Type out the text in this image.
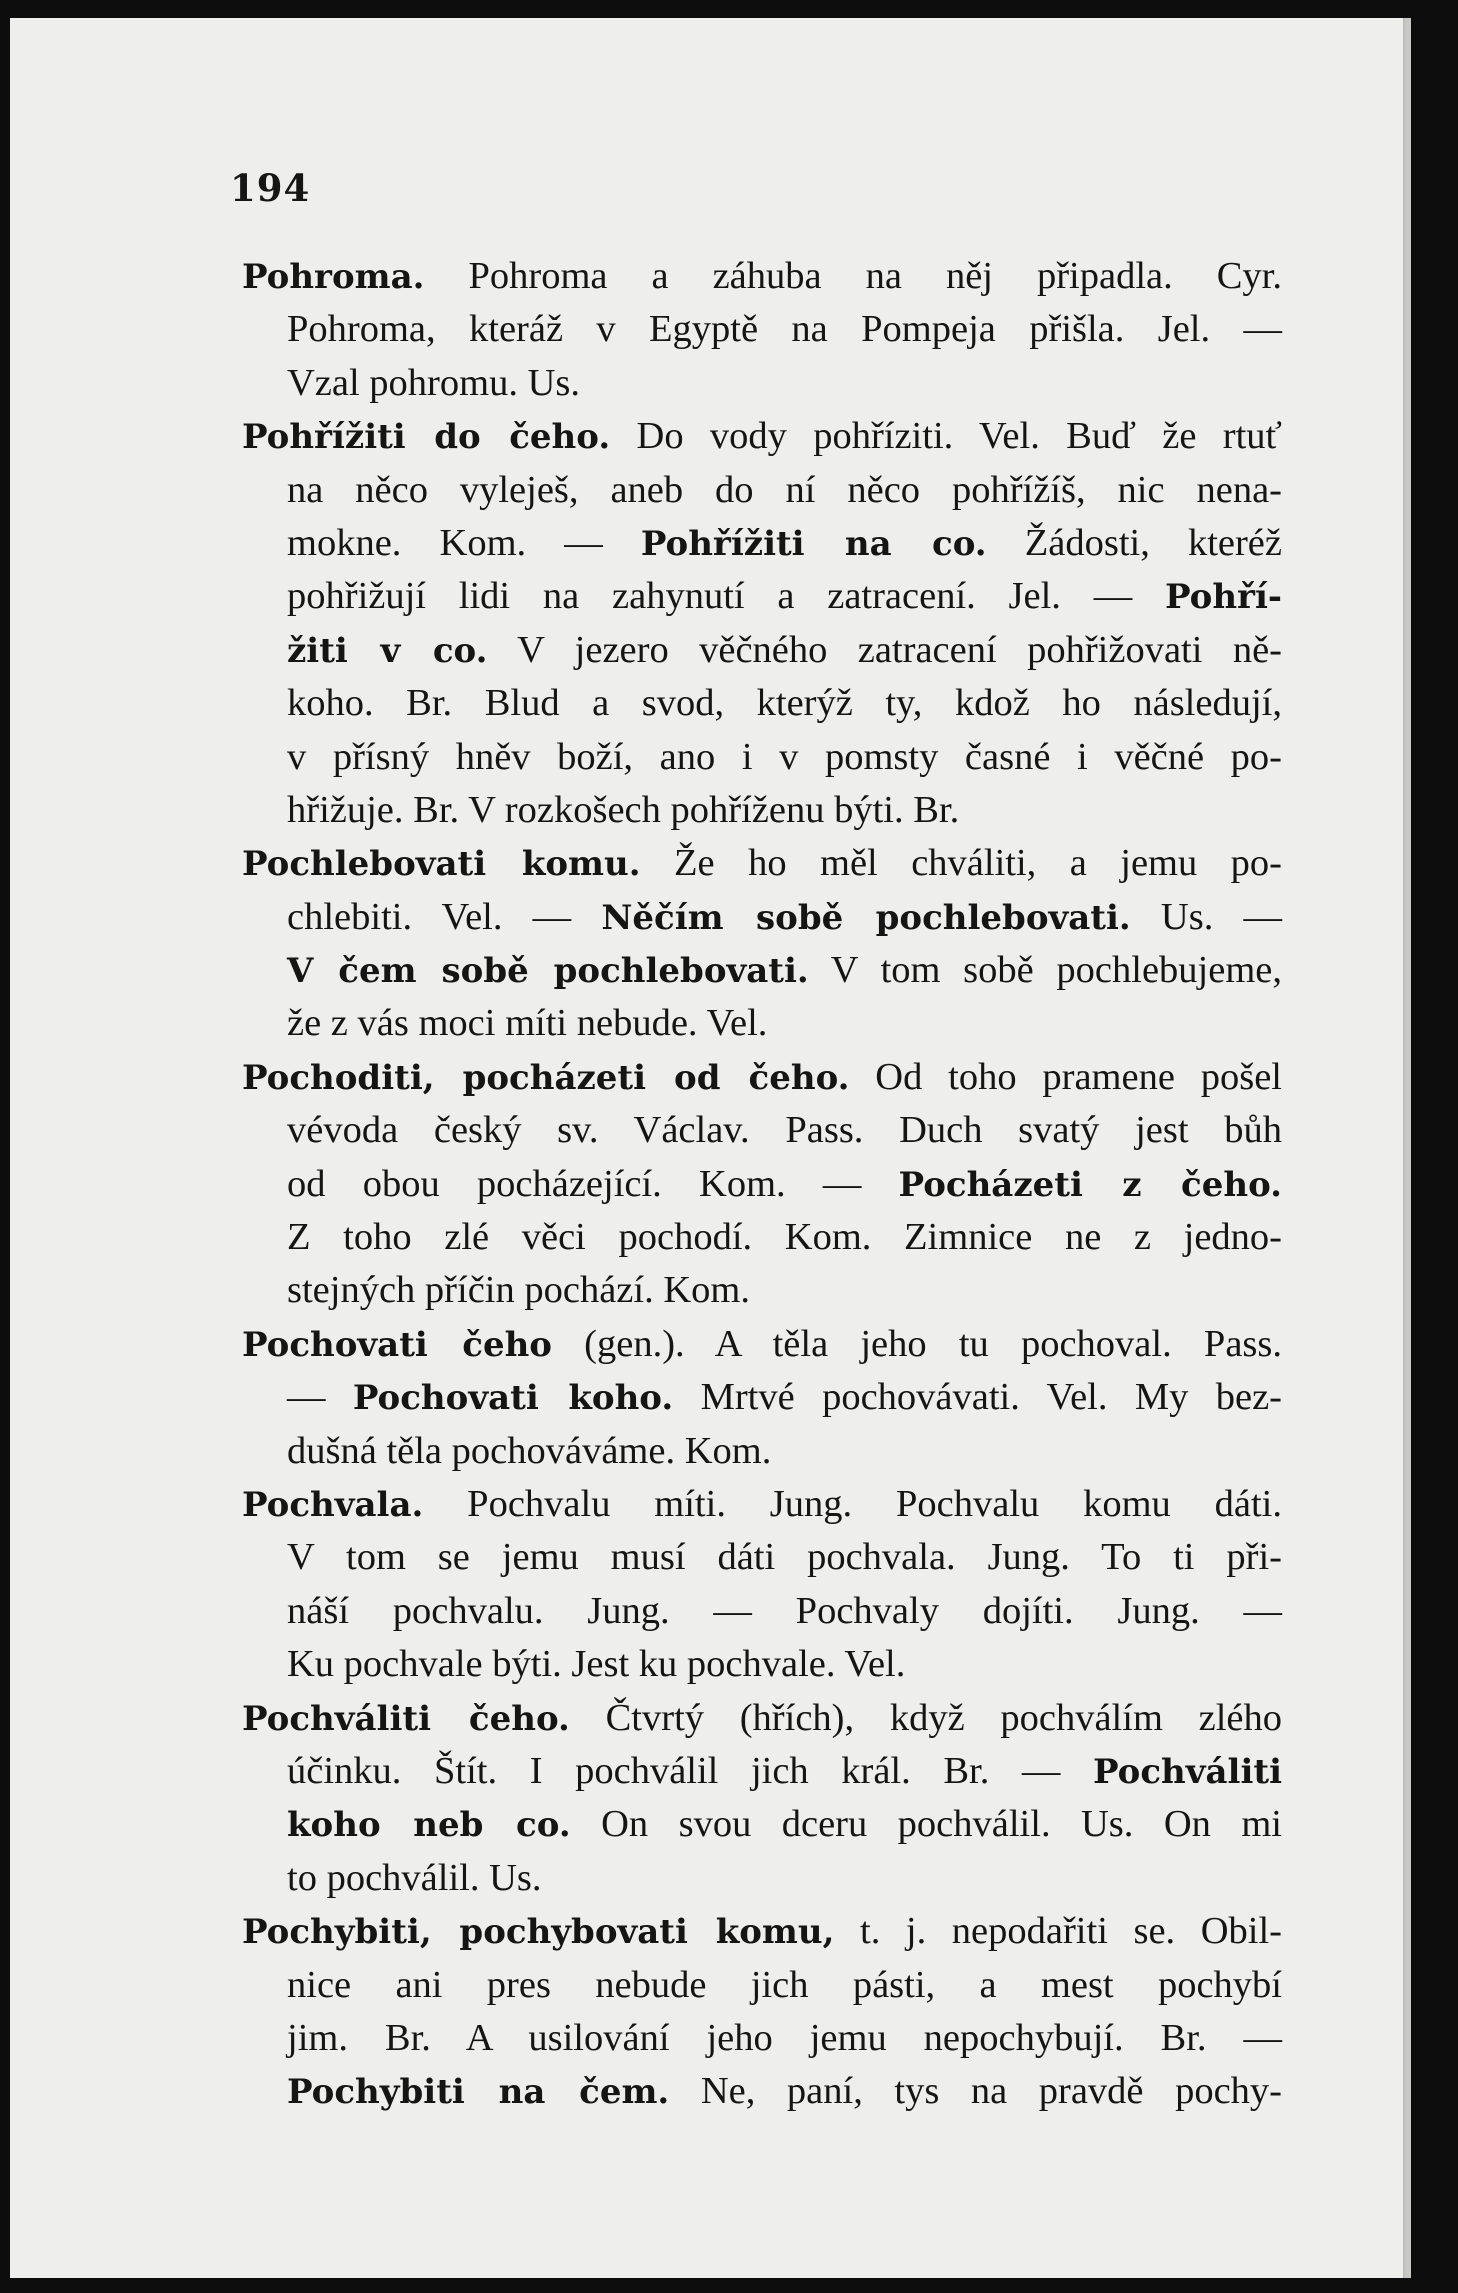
194
Pohroma. Pohroma a záhuba na něj připadla. Cyr.
Pohroma, kteráž v Egyptě na Pompeja přišla. Jel. —
Vzal pohromu. Us.
Pohřížiti do čeho. Do vody pohříziti. Vel. Buď že rtuť
na něco vyleješ, aneb do ní něco pohřížíš, nic nena-
mokne. Kom. — Pohřížiti na co. Žádosti, kteréž
pohřižují lidi na zahynutí a zatracení. Jel. — Pohří-
žiti v co. V jezero věčného zatracení pohřižovati ně-
koho. Br. Blud a svod, kterýž ty, kdož ho následují,
v přísný hněv boží, ano i v pomsty časné i věčné po-
hřižuje. Br. V rozkošech pohříženu býti. Br.
Pochlebovati komu. Že ho měl chváliti, a jemu po-
chlebiti. Vel. — Něčím sobě pochlebovati. Us. —
V čem sobě pochlebovati. V tom sobě pochlebujeme,
že z vás moci míti nebude. Vel.
Pochoditi, pocházeti od čeho. Od toho pramene pošel
vévoda český sv. Václav. Pass. Duch svatý jest bůh
od obou pocházející. Kom. — Pocházeti z čeho.
Z toho zlé věci pochodí. Kom. Zimnice ne z jedno-
stejných příčin pochází. Kom.
Pochovati čeho (gen.). A těla jeho tu pochoval. Pass.
— Pochovati koho. Mrtvé pochovávati. Vel. My bez-
dušná těla pochováváme. Kom.
Pochvala. Pochvalu míti. Jung. Pochvalu komu dáti.
V tom se jemu musí dáti pochvala. Jung. To ti při-
náší pochvalu. Jung. — Pochvaly dojíti. Jung. —
Ku pochvale býti. Jest ku pochvale. Vel.
Pochváliti čeho. Čtvrtý (hřích), když pochválím zlého
účinku. Štít. I pochválil jich král. Br. — Pochváliti
koho neb co. On svou dceru pochválil. Us. On mi
to pochválil. Us.
Pochybiti, pochybovati komu, t. j. nepodařiti se. Obil-
nice ani pres nebude jich pásti, a mest pochybí
jim. Br. A usilování jeho jemu nepochybují. Br. —
Pochybiti na čem. Ne, paní, tys na pravdě pochy-
